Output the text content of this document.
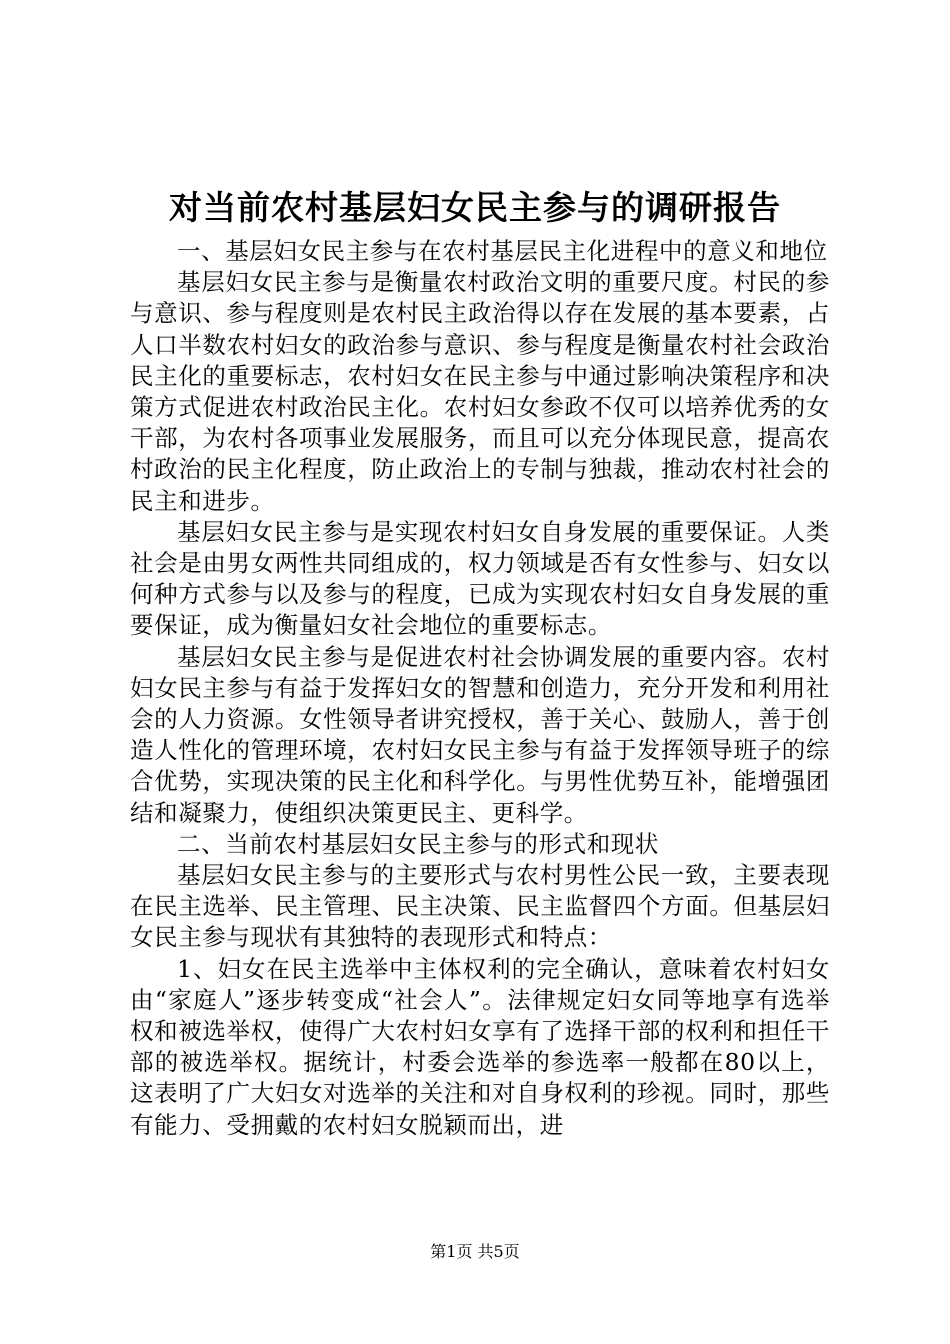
对当前农村基层妇女民主参与的调研报告

一、基层妇女民主参与在农村基层民主化进程中的意义和地位

基层妇女民主参与是衡量农村政治文明的重要尺度。村民的参与意识、参与程度则是农村民主政治得以存在发展的基本要素，占人口半数农村妇女的政治参与意识、参与程度是衡量农村社会政治民主化的重要标志，农村妇女在民主参与中通过影响决策程序和决策方式促进农村政治民主化。农村妇女参政不仅可以培养优秀的女干部，为农村各项事业发展服务，而且可以充分体现民意，提高农村政治的民主化程度，防止政治上的专制与独裁，推动农村社会的民主和进步。

基层妇女民主参与是实现农村妇女自身发展的重要保证。人类社会是由男女两性共同组成的，权力领域是否有女性参与、妇女以何种方式参与以及参与的程度，已成为实现农村妇女自身发展的重要保证，成为衡量妇女社会地位的重要标志。

基层妇女民主参与是促进农村社会协调发展的重要内容。农村妇女民主参与有益于发挥妇女的智慧和创造力，充分开发和利用社会的人力资源。女性领导者讲究授权，善于关心、鼓励人，善于创造人性化的管理环境，农村妇女民主参与有益于发挥领导班子的综合优势，实现决策的民主化和科学化。与男性优势互补，能增强团结和凝聚力，使组织决策更民主、更科学。

二、当前农村基层妇女民主参与的形式和现状

基层妇女民主参与的主要形式与农村男性公民一致，主要表现在民主选举、民主管理、民主决策、民主监督四个方面。但基层妇女民主参与现状有其独特的表现形式和特点：

1、妇女在民主选举中主体权利的完全确认，意味着农村妇女由“家庭人”逐步转变成“社会人”。法律规定妇女同等地享有选举权和被选举权，使得广大农村妇女享有了选择干部的权利和担任干部的被选举权。据统计，村委会选举的参选率一般都在80以上，这表明了广大妇女对选举的关注和对自身权利的珍视。同时，那些有能力、受拥戴的农村妇女脱颖而出，进

第1页 共5页
